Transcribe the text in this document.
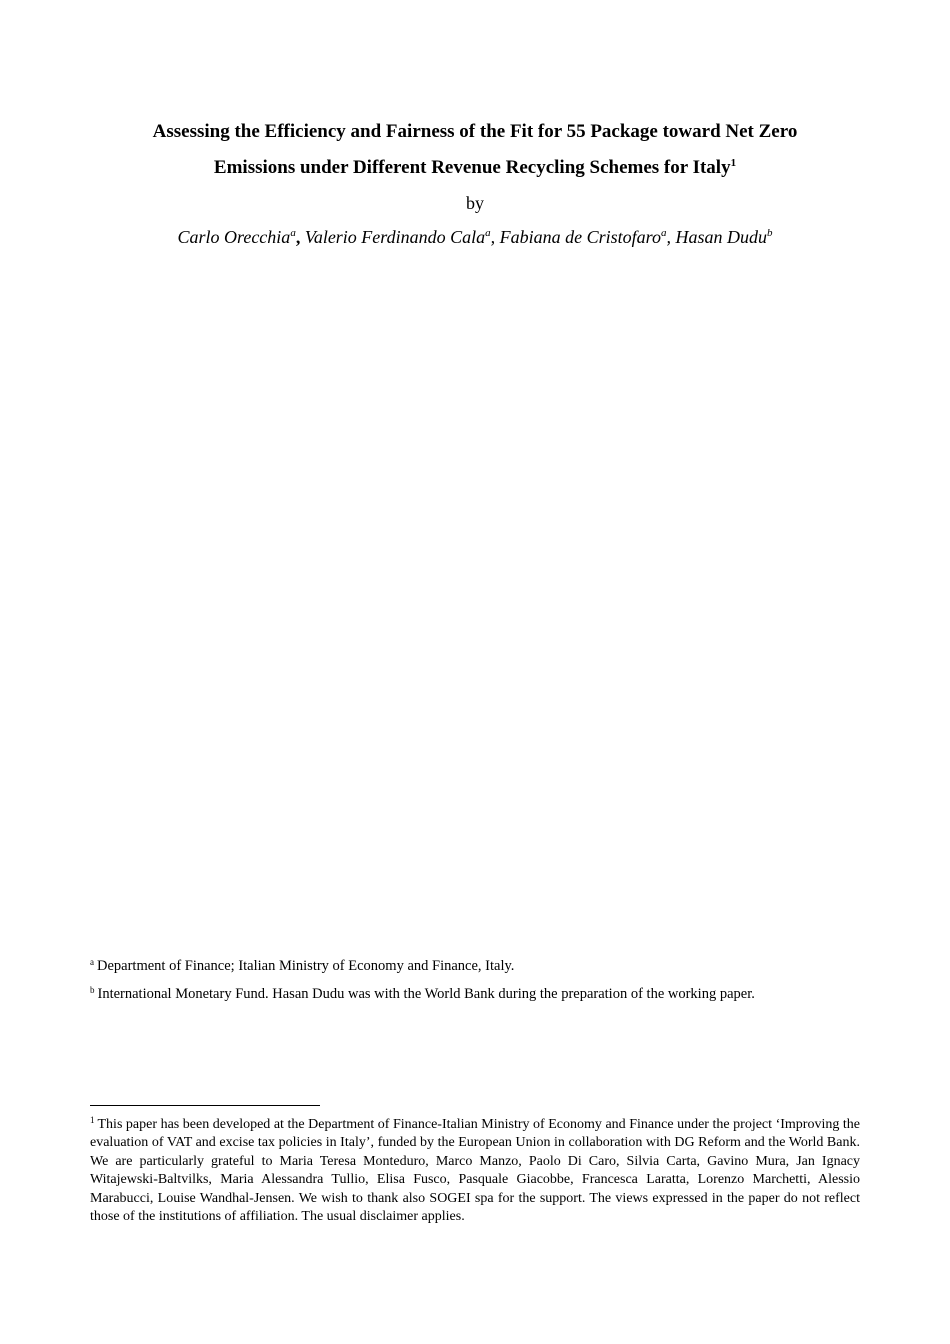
Assessing the Efficiency and Fairness of the Fit for 55 Package toward Net Zero
Emissions under Different Revenue Recycling Schemes for Italy$^1$
by
Carlo Orecchia$^a$, Valerio Ferdinando Cala$^a$, Fabiana de Cristofaro$^a$, Hasan Dudu$^b$
$^a$ Department of Finance; Italian Ministry of Economy and Finance, Italy.
$^b$ International Monetary Fund. Hasan Dudu was with the World Bank during the preparation of the working paper.
$^1$ This paper has been developed at the Department of Finance-Italian Ministry of Economy and Finance under the project ‘Improving the evaluation of VAT and excise tax policies in Italy’, funded by the European Union in collaboration with DG Reform and the World Bank. We are particularly grateful to Maria Teresa Monteduro, Marco Manzo, Paolo Di Caro, Silvia Carta, Gavino Mura, Jan Ignacy Witajewski-Baltvilks, Maria Alessandra Tullio, Elisa Fusco, Pasquale Giacobbe, Francesca Laratta, Lorenzo Marchetti, Alessio Marabucci, Louise Wandhal-Jensen. We wish to thank also SOGEI spa for the support. The views expressed in the paper do not reflect those of the institutions of affiliation. The usual disclaimer applies.
